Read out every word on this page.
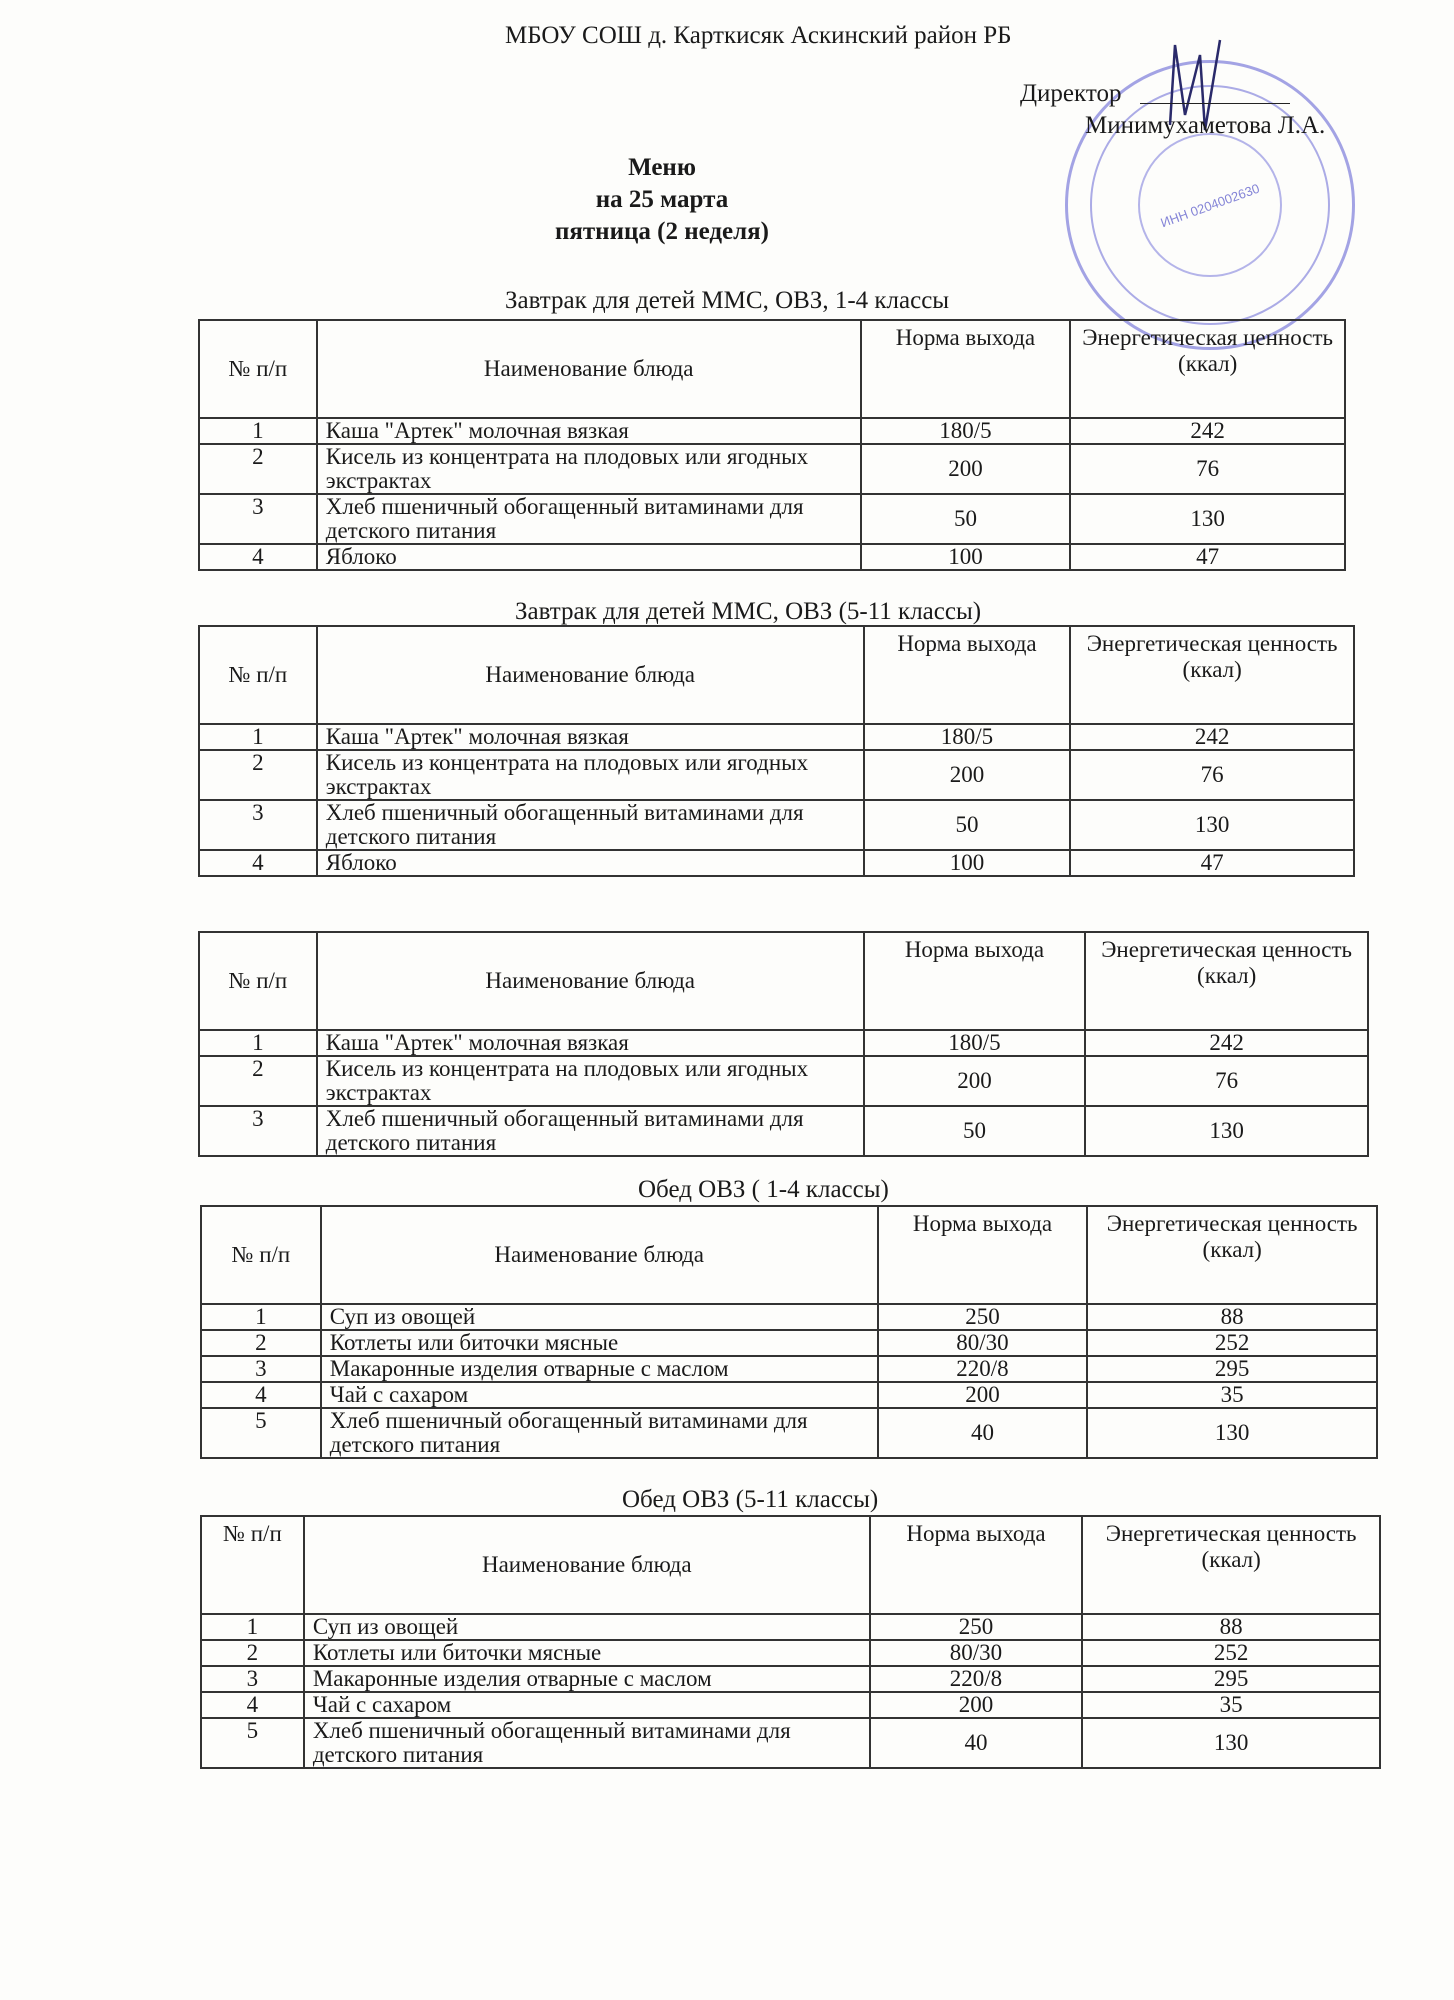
ИНН 0204002630
МБОУ СОШ д. Карткисяк Аскинский район РБ
Директор
Минимухаметова Л.А.
Меню
на 25 марта
пятница (2 неделя)
Завтрак для детей ММС, ОВЗ, 1-4 классы
№ п/п	Наименование блюда	Норма выхода	Энергетическая ценность (ккал)
1	Каша "Артек" молочная вязкая	180/5	242
2	Кисель из концентрата на плодовых или ягодных экстрактах	200	76
3	Хлеб пшеничный обогащенный витаминами для детского питания	50	130
4	Яблоко	100	47
Завтрак для детей ММС, ОВЗ (5-11 классы)
№ п/п	Наименование блюда	Норма выхода	Энергетическая ценность (ккал)
1	Каша "Артек" молочная вязкая	180/5	242
2	Кисель из концентрата на плодовых или ягодных экстрактах	200	76
3	Хлеб пшеничный обогащенный витаминами для детского питания	50	130
4	Яблоко	100	47
№ п/п	Наименование блюда	Норма выхода	Энергетическая ценность (ккал)
1	Каша "Артек" молочная вязкая	180/5	242
2	Кисель из концентрата на плодовых или ягодных экстрактах	200	76
3	Хлеб пшеничный обогащенный витаминами для детского питания	50	130
Обед ОВЗ ( 1-4 классы)
№ п/п	Наименование блюда	Норма выхода	Энергетическая ценность (ккал)
1	Суп из овощей	250	88
2	Котлеты или биточки мясные	80/30	252
3	Макаронные изделия отварные с маслом	220/8	295
4	Чай с сахаром	200	35
5	Хлеб пшеничный обогащенный витаминами для детского питания	40	130
Обед ОВЗ (5-11 классы)
№ п/п	Наименование блюда	Норма выхода	Энергетическая ценность (ккал)
1	Суп из овощей	250	88
2	Котлеты или биточки мясные	80/30	252
3	Макаронные изделия отварные с маслом	220/8	295
4	Чай с сахаром	200	35
5	Хлеб пшеничный обогащенный витаминами для детского питания	40	130
